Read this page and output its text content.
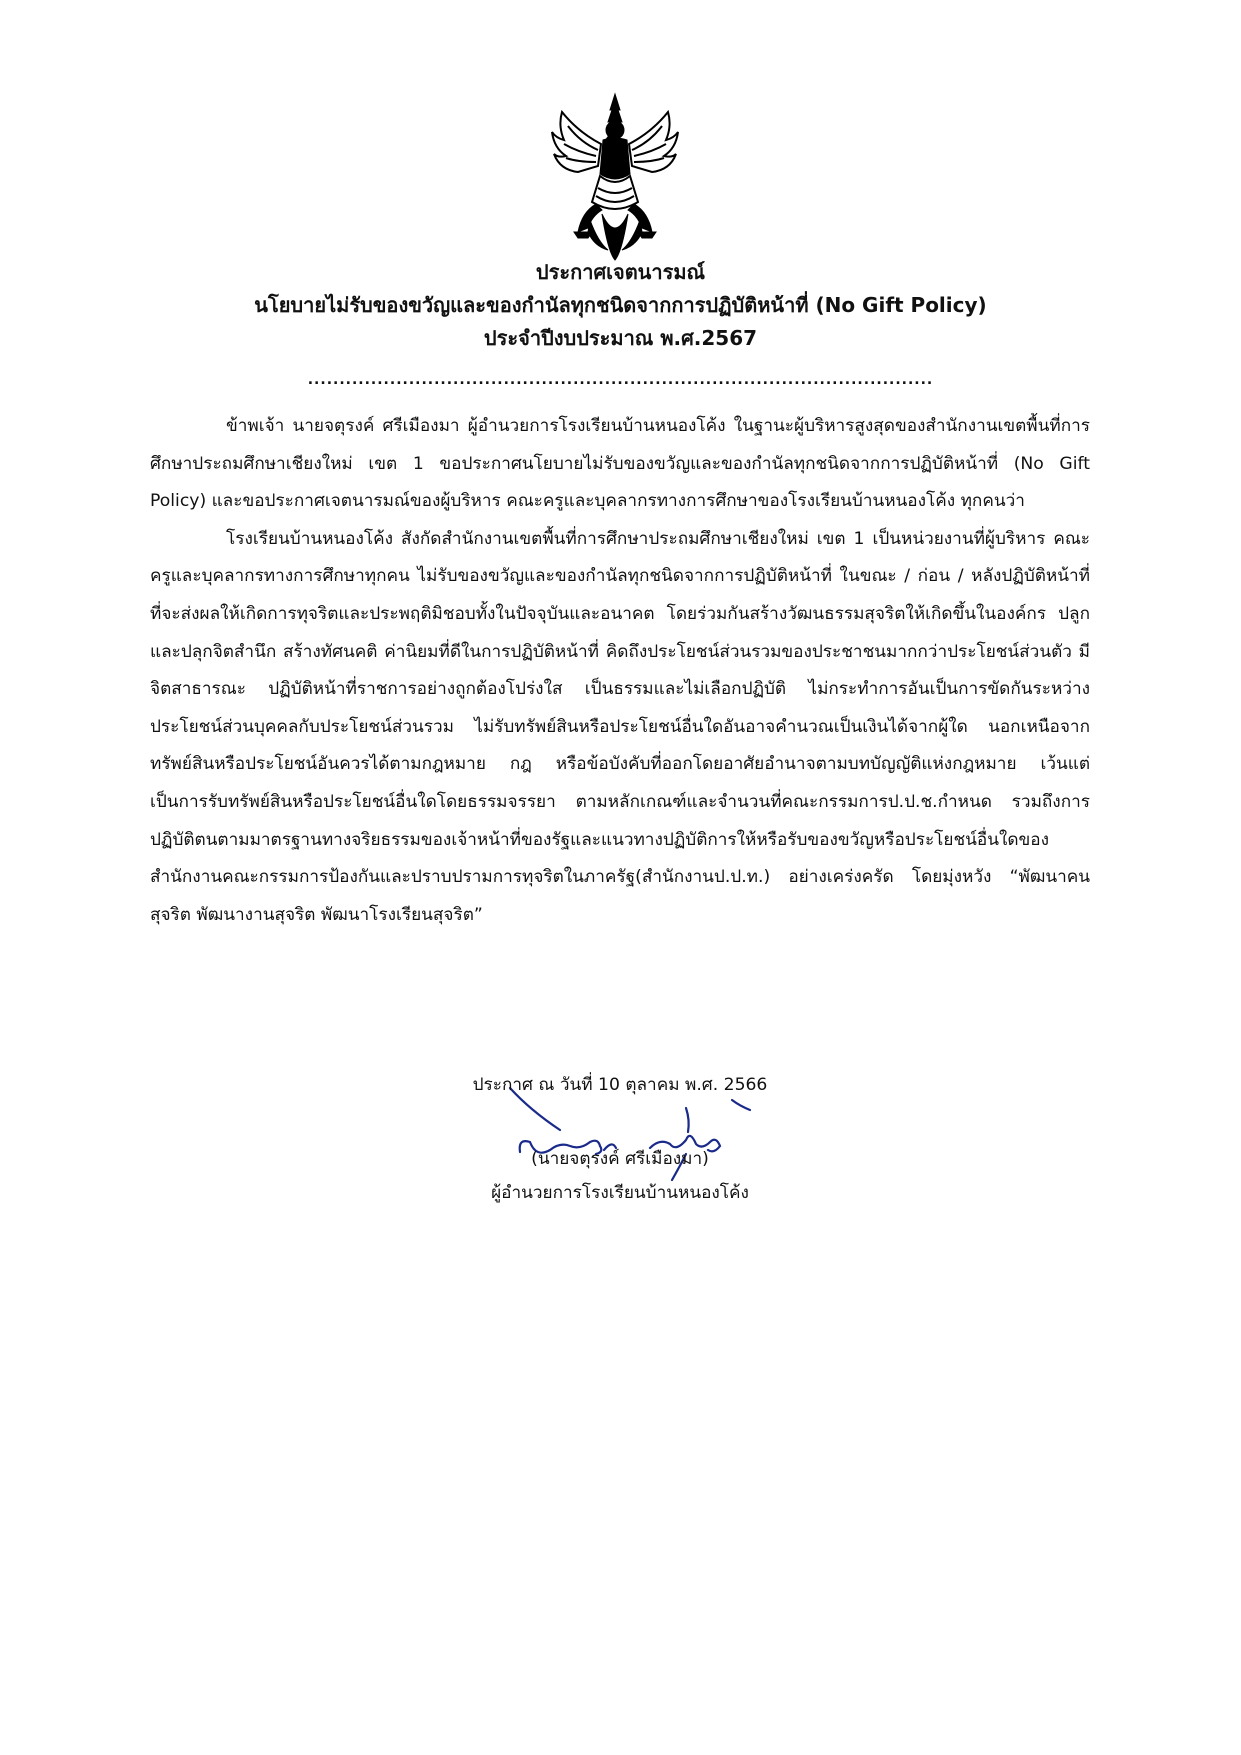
ประกาศเจตนารมณ์
นโยบายไม่รับของขวัญและของกำนัลทุกชนิดจากการปฏิบัติหน้าที่ (No Gift Policy)
ประจำปีงบประมาณ พ.ศ.2567
...................................................................................................

ข้าพเจ้า นายจตุรงค์ ศรีเมืองมา ผู้อำนวยการโรงเรียนบ้านหนองโค้ง ในฐานะผู้บริหารสูงสุดของสำนักงานเขตพื้นที่การศึกษาประถมศึกษาเชียงใหม่ เขต 1 ขอประกาศนโยบายไม่รับของขวัญและของกำนัลทุกชนิดจากการปฏิบัติหน้าที่ (No Gift Policy) และขอประกาศเจตนารมณ์ของผู้บริหาร คณะครูและบุคลากรทางการศึกษาของโรงเรียนบ้านหนองโค้ง ทุกคนว่า

โรงเรียนบ้านหนองโค้ง สังกัดสำนักงานเขตพื้นที่การศึกษาประถมศึกษาเชียงใหม่ เขต 1 เป็นหน่วยงานที่ผู้บริหาร คณะครูและบุคลากรทางการศึกษาทุกคน ไม่รับของขวัญและของกำนัลทุกชนิดจากการปฏิบัติหน้าที่ ในขณะ / ก่อน / หลังปฏิบัติหน้าที่ ที่จะส่งผลให้เกิดการทุจริตและประพฤติมิชอบทั้งในปัจจุบันและอนาคต โดยร่วมกันสร้างวัฒนธรรมสุจริตให้เกิดขึ้นในองค์กร ปลูกและปลุกจิตสำนึก สร้างทัศนคติ ค่านิยมที่ดีในการปฏิบัติหน้าที่ คิดถึงประโยชน์ส่วนรวมของประชาชนมากกว่าประโยชน์ส่วนตัว มีจิตสาธารณะ ปฏิบัติหน้าที่ราชการอย่างถูกต้องโปร่งใส เป็นธรรมและไม่เลือกปฏิบัติ ไม่กระทำการอันเป็นการขัดกันระหว่างประโยชน์ส่วนบุคคลกับประโยชน์ส่วนรวม ไม่รับทรัพย์สินหรือประโยชน์อื่นใดอันอาจคำนวณเป็นเงินได้จากผู้ใด นอกเหนือจากทรัพย์สินหรือประโยชน์อันควรได้ตามกฎหมาย กฎ หรือข้อบังคับที่ออกโดยอาศัยอำนาจตามบทบัญญัติแห่งกฎหมาย เว้นแต่เป็นการรับทรัพย์สินหรือประโยชน์อื่นใดโดยธรรมจรรยา ตามหลักเกณฑ์และจำนวนที่คณะกรรมการป.ป.ช.กำหนด รวมถึงการปฏิบัติตนตามมาตรฐานทางจริยธรรมของเจ้าหน้าที่ของรัฐและแนวทางปฏิบัติการให้หรือรับของขวัญหรือประโยชน์อื่นใดของสำนักงานคณะกรรมการป้องกันและปราบปรามการทุจริตในภาครัฐ(สำนักงานป.ป.ท.) อย่างเคร่งครัด โดยมุ่งหวัง “พัฒนาคนสุจริต พัฒนางานสุจริต พัฒนาโรงเรียนสุจริต”

ประกาศ ณ วันที่ 10 ตุลาคม พ.ศ. 2566
(นายจตุรงค์ ศรีเมืองมา)
ผู้อำนวยการโรงเรียนบ้านหนองโค้ง
